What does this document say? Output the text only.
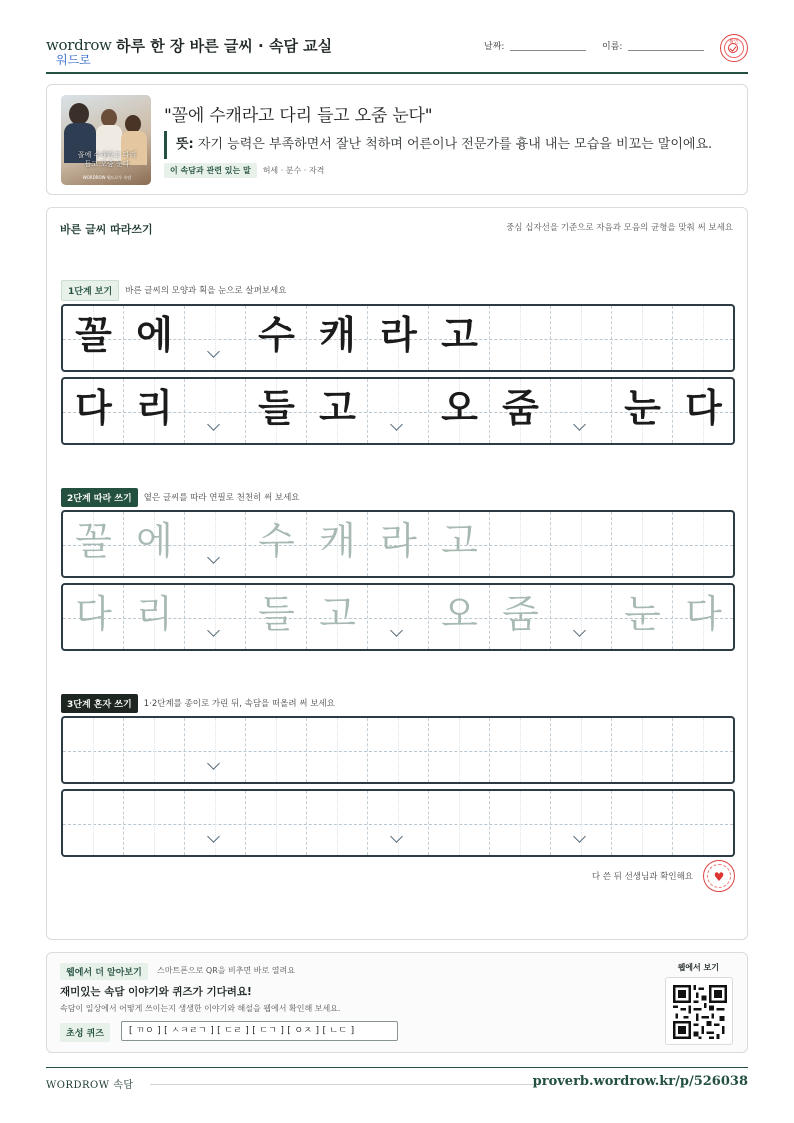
wordrow
워드로
하루 한 장 바른 글씨 · 속담 교실	날짜:	이름:	확인
꼴에 수캐라고 다리 들고 오줌 눈다
WORDROW 워드로우 속담
"꼴에 수캐라고 다리 들고 오줌 눈다"
뜻: 자기 능력은 부족하면서 잘난 척하며 어른이나 전문가를 흉내 내는 모습을 비꼬는 말이에요.
이 속담과 관련 있는 말 허세 · 분수 · 자격
바른 글씨 따라쓰기	중심 십자선을 기준으로 자음과 모음의 균형을 맞춰 써 보세요
1단계 보기 바른 글씨의 모양과 획을 눈으로 살펴보세요
꼴 에	수 캐 라 고
다 리	들 고	오 줌	눈 다
2단계 따라 쓰기 옅은 글씨를 따라 연필로 천천히 써 보세요
꼴 에	수 캐 라 고
다 리	들 고	오 줌	눈 다
3단계 혼자 쓰기 1·2단계를 종이로 가린 뒤, 속담을 떠올려 써 보세요
다 쓴 뒤 선생님과 확인해요 ♥
웹에서 더 알아보기	스마트폰으로 QR을 비추면 바로 열려요
재미있는 속담 이야기와 퀴즈가 기다려요!
속담이 일상에서 어떻게 쓰이는지 생생한 이야기와 해설을 웹에서 확인해 보세요.
초성 퀴즈	[ ㄲㅇ ] [ ㅅㅋㄹㄱ ] [ ㄷㄹ ] [ ㄷㄱ ] [ ㅇㅈ ] [ ㄴㄷ ]
웹에서 보기
WORDROW 속담	proverb.wordrow.kr/p/526038
